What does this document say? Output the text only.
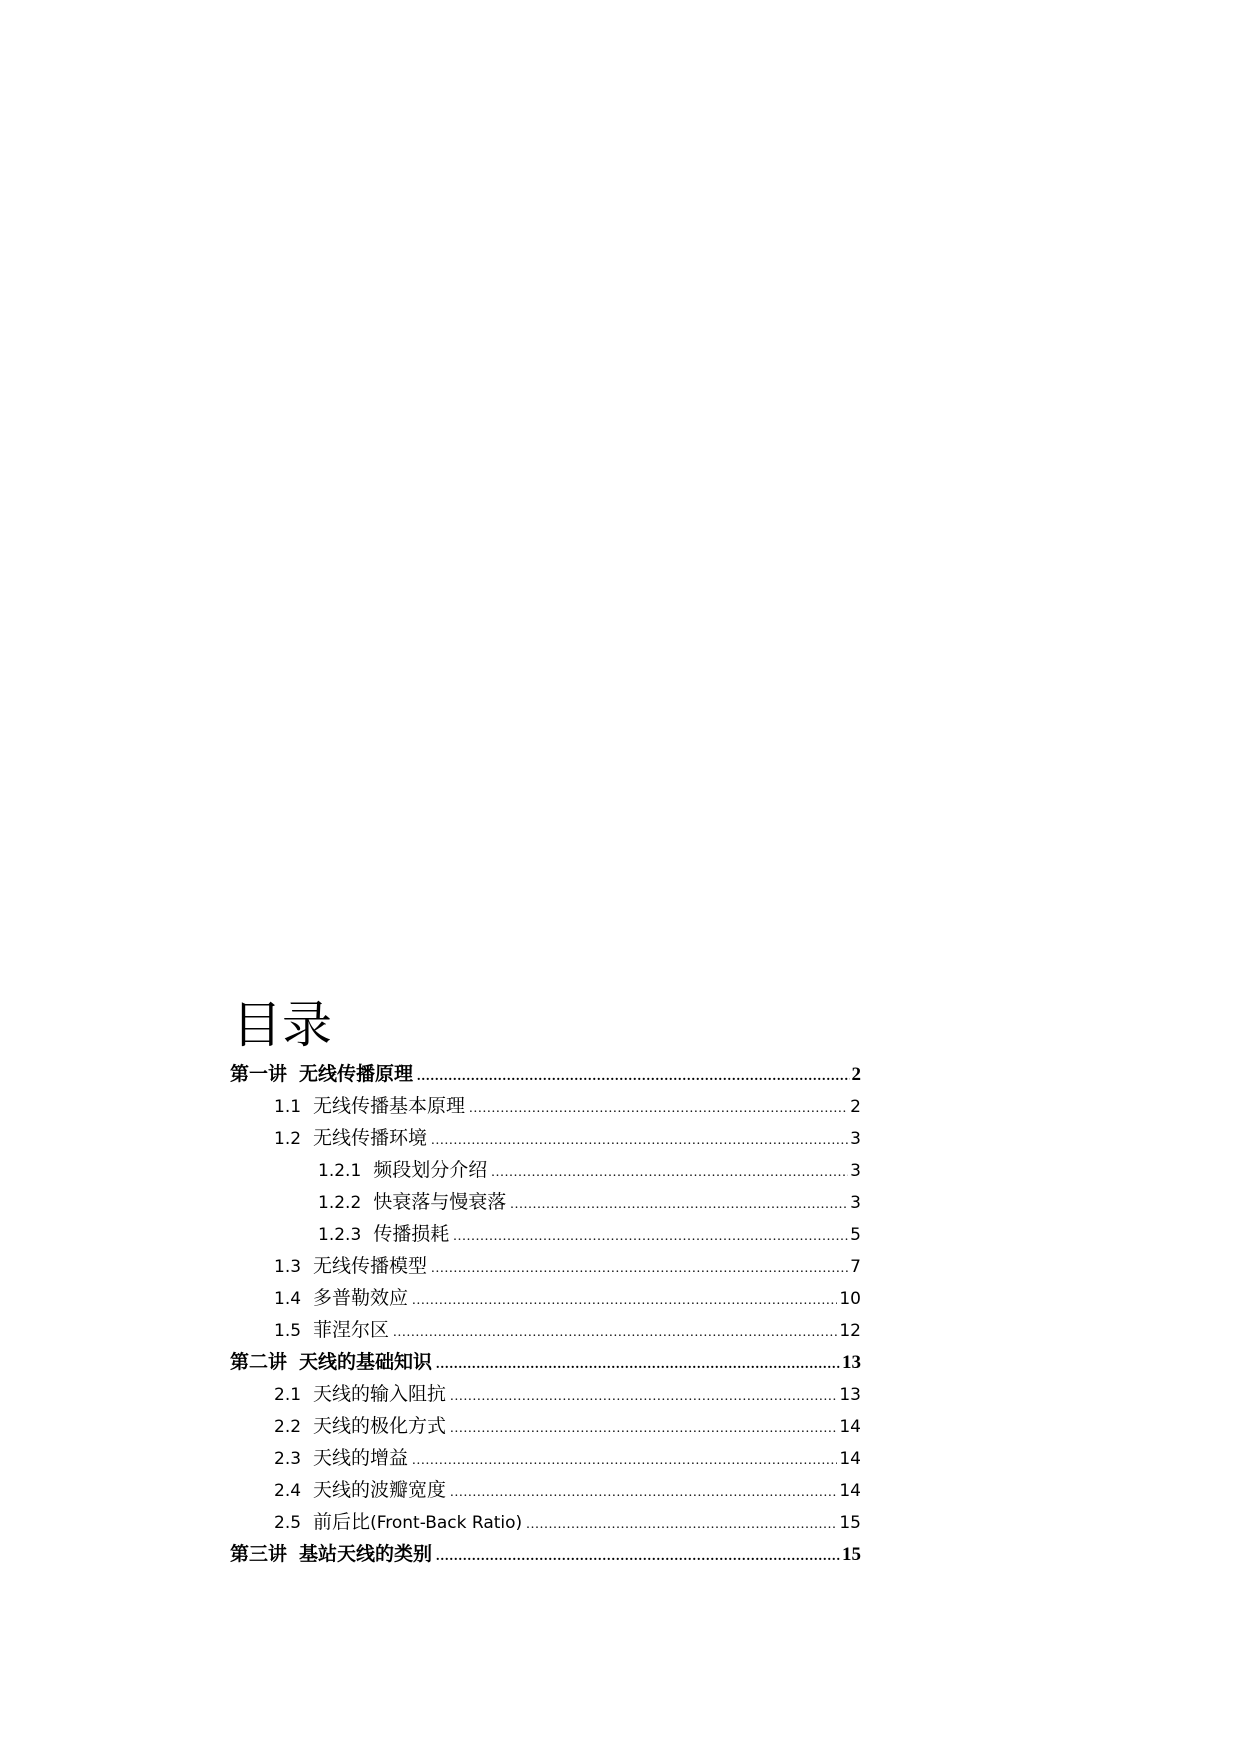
目录
第一讲 无线传播原理 .....	2
1.1 无线传播基本原理 .....	2
1.2 无线传播环境 .....	3
1.2.1 频段划分介绍 .....	3
1.2.2 快衰落与慢衰落 .....	3
1.2.3 传播损耗 .....	5
1.3 无线传播模型 .....	7
1.4 多普勒效应 .....	10
1.5 菲涅尔区 .....	12
第二讲 天线的基础知识 .....	13
2.1 天线的输入阻抗 .....	13
2.2 天线的极化方式 .....	14
2.3 天线的增益 .....	14
2.4 天线的波瓣宽度 .....	14
2.5 前后比(Front-Back Ratio) .....	15
第三讲 基站天线的类别 .....	15
